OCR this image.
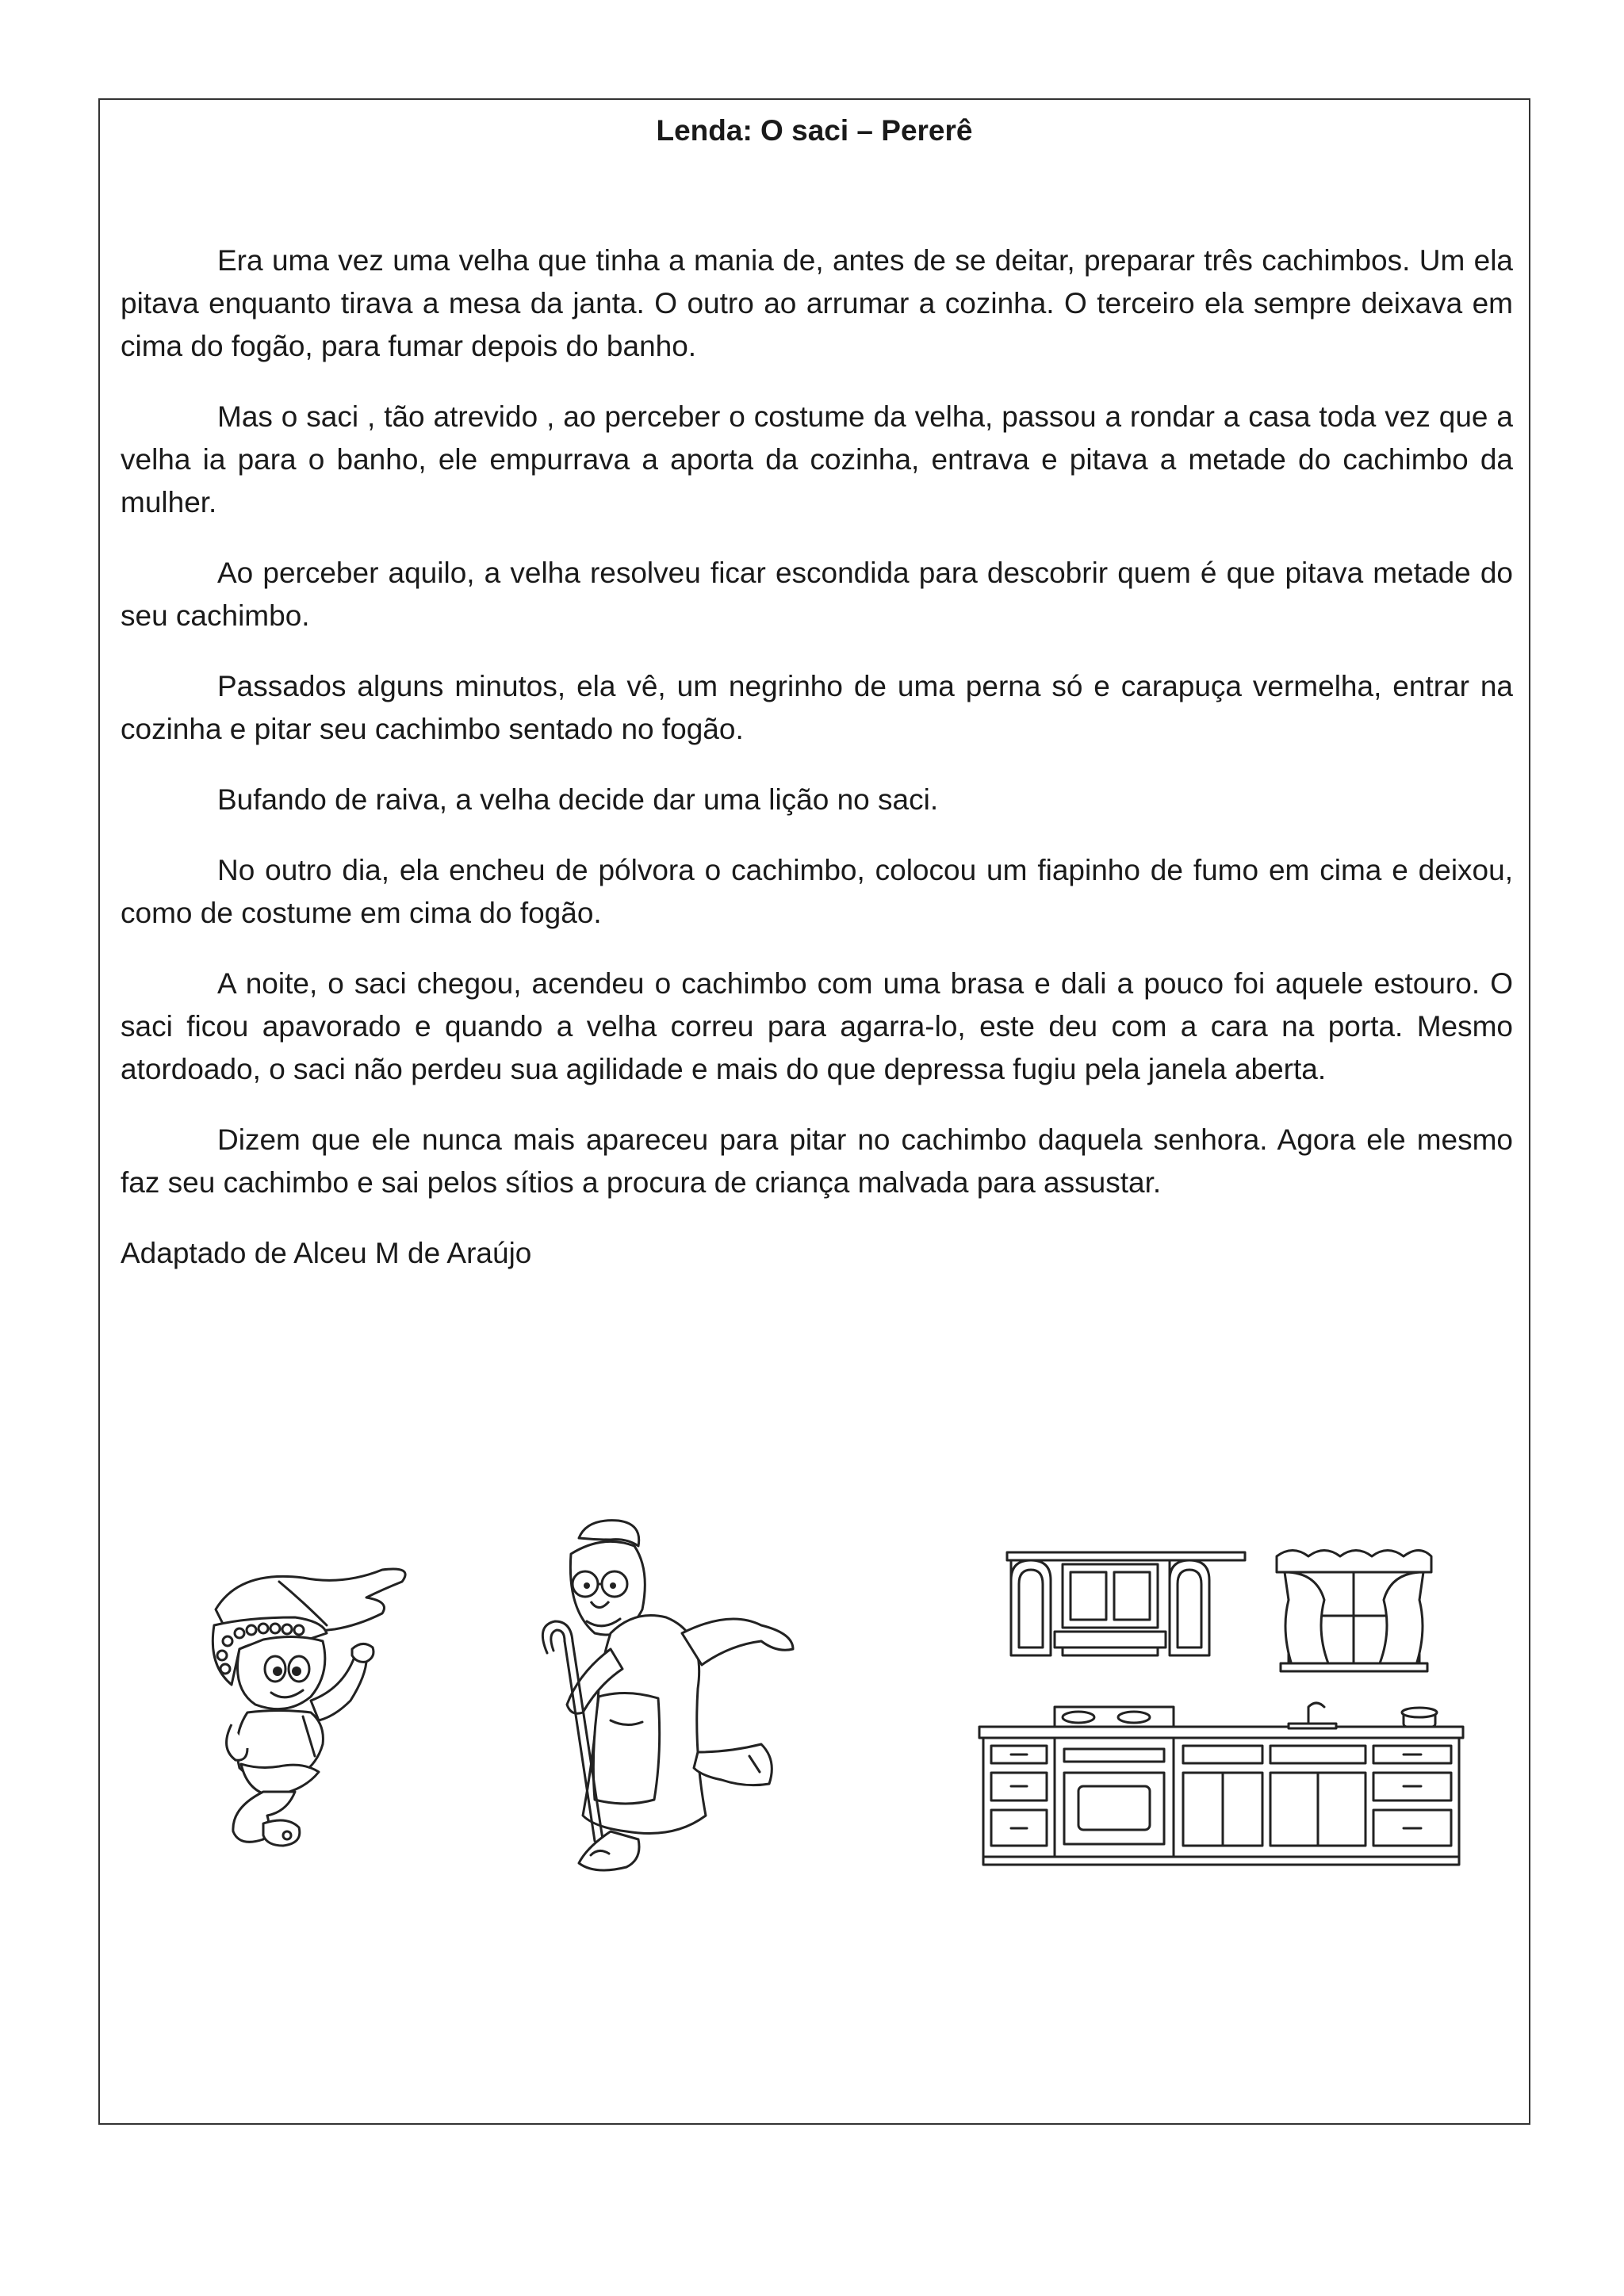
Lenda: O saci – Pererê

Era uma vez uma velha que tinha a mania de, antes de se deitar, preparar três cachimbos. Um ela pitava enquanto tirava a mesa da janta. O outro ao arrumar a cozinha. O terceiro ela sempre deixava em cima do fogão, para fumar depois do banho.

Mas o saci , tão atrevido , ao perceber o costume da velha, passou a rondar a casa toda vez que a velha ia para o banho, ele empurrava a aporta da cozinha, entrava e pitava a metade do cachimbo da mulher.

Ao perceber aquilo, a velha resolveu ficar escondida para descobrir quem é que pitava metade do seu cachimbo.

Passados alguns minutos, ela vê, um negrinho de uma perna só e carapuça vermelha, entrar na cozinha e pitar seu cachimbo sentado no fogão.

Bufando de raiva, a velha decide dar uma lição no saci.

No outro dia, ela encheu de pólvora o cachimbo, colocou um fiapinho de fumo em cima e deixou, como de costume em cima do fogão.

A noite, o saci chegou, acendeu o cachimbo com uma brasa e dali a pouco foi aquele estouro. O saci ficou apavorado e quando a velha correu para agarra-lo, este deu com a cara na porta. Mesmo atordoado, o saci não perdeu sua agilidade e mais do que depressa fugiu pela janela aberta.

Dizem que ele nunca mais apareceu para pitar no cachimbo daquela senhora. Agora ele mesmo faz seu cachimbo e sai pelos sítios a procura de criança malvada para assustar.

Adaptado de Alceu M de Araújo
